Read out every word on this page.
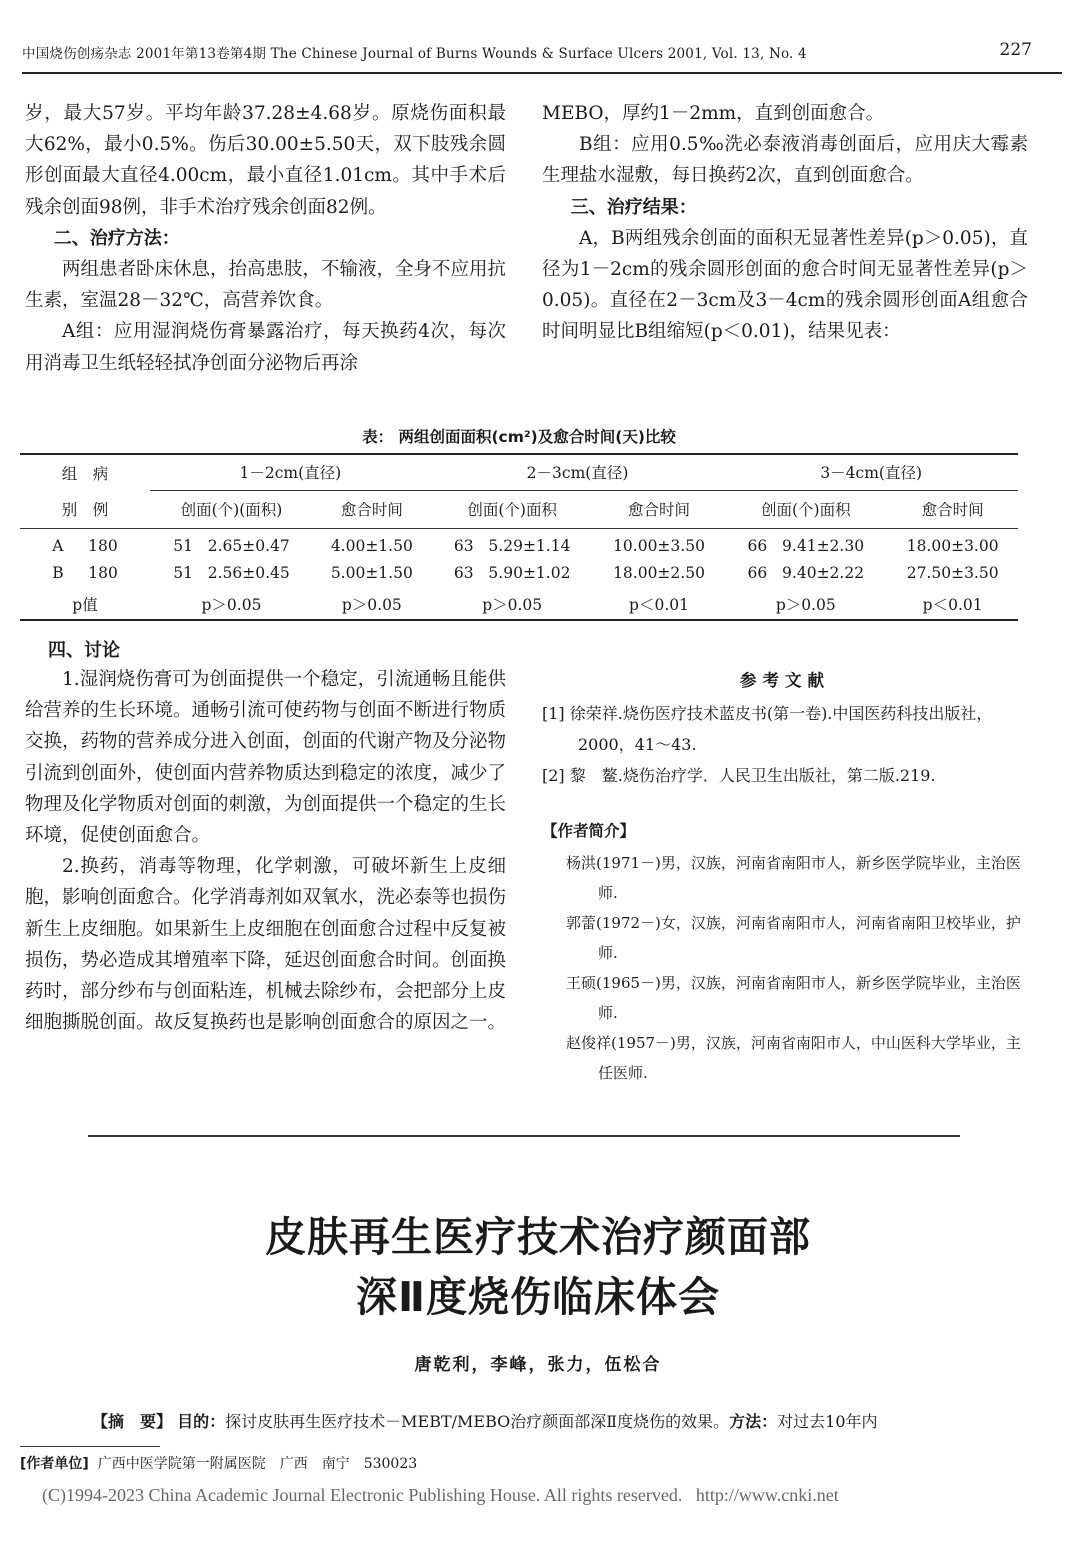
中国烧伤创疡杂志 2001年第13卷第4期 The Chinese Journal of Burns Wounds & Surface Ulcers 2001, Vol. 13, No. 4	227

岁，最大57岁。平均年龄37.28±4.68岁。原烧伤面积最大62%，最小0.5%。伤后30.00±5.50天，双下肢残余圆形创面最大直径4.00cm，最小直径1.01cm。其中手术后残余创面98例，非手术治疗残余创面82例。

二、治疗方法：

两组患者卧床休息，抬高患肢，不输液，全身不应用抗生素，室温28－32℃，高营养饮食。

A组：应用湿润烧伤膏暴露治疗，每天换药4次，每次用消毒卫生纸轻轻拭净创面分泌物后再涂

MEBO，厚约1－2mm，直到创面愈合。

B组：应用0.5‰洗必泰液消毒创面后，应用庆大霉素生理盐水湿敷，每日换药2次，直到创面愈合。

三、治疗结果：

A，B两组残余创面的面积无显著性差异(p＞0.05)，直径为1－2cm的残余圆形创面的愈合时间无显著性差异(p＞0.05)。直径在2－3cm及3－4cm的残余圆形创面A组愈合时间明显比B组缩短(p＜0.01)，结果见表：

表： 两组创面面积(cm²)及愈合时间(天)比较
组　病	1－2cm(直径)		2－3cm(直径)		3－4cm(直径)	
别　例	创面(个)(面积)	愈合时间	创面(个)面积	愈合时间	创面(个)面积	愈合时间
A 180	51   2.65±0.47	4.00±1.50	63   5.29±1.14	10.00±3.50	66   9.41±2.30	18.00±3.00
B 180	51   2.56±0.45	5.00±1.50	63   5.90±1.02	18.00±2.50	66   9.40±2.22	27.50±3.50
p值	p＞0.05	p＞0.05	p＞0.05	p＜0.01	p＞0.05	p＜0.01
四、讨论

1.湿润烧伤膏可为创面提供一个稳定，引流通畅且能供给营养的生长环境。通畅引流可使药物与创面不断进行物质交换，药物的营养成分进入创面，创面的代谢产物及分泌物引流到创面外，使创面内营养物质达到稳定的浓度，减少了物理及化学物质对创面的刺激，为创面提供一个稳定的生长环境，促使创面愈合。

2.换药，消毒等物理，化学刺激，可破坏新生上皮细胞，影响创面愈合。化学消毒剂如双氧水，洗必泰等也损伤新生上皮细胞。如果新生上皮细胞在创面愈合过程中反复被损伤，势必造成其增殖率下降，延迟创面愈合时间。创面换药时，部分纱布与创面粘连，机械去除纱布，会把部分上皮细胞撕脱创面。故反复换药也是影响创面愈合的原因之一。

参考文献
[1] 徐荣祥.烧伤医疗技术蓝皮书(第一卷).中国医药科技出版社，2000，41～43.
[2] 黎　鳌.烧伤治疗学．人民卫生出版社，第二版.219.
【作者简介】
杨洪(1971－)男，汉族，河南省南阳市人，新乡医学院毕业，主治医师.
郭蕾(1972－)女，汉族，河南省南阳市人，河南省南阳卫校毕业，护师.
王硕(1965－)男，汉族，河南省南阳市人，新乡医学院毕业，主治医师.
赵俊祥(1957－)男，汉族，河南省南阳市人，中山医科大学毕业，主任医师.
皮肤再生医疗技术治疗颜面部
深Ⅱ度烧伤临床体会
唐乾利，李峰，张力，伍松合
【摘　要】 目的：探讨皮肤再生医疗技术－MEBT/MEBO治疗颜面部深Ⅱ度烧伤的效果。方法：对过去10年内
[作者单位] 广西中医学院第一附属医院　广西　南宁　530023
(C)1994-2023 China Academic Journal Electronic Publishing House. All rights reserved.   http://www.cnki.net
